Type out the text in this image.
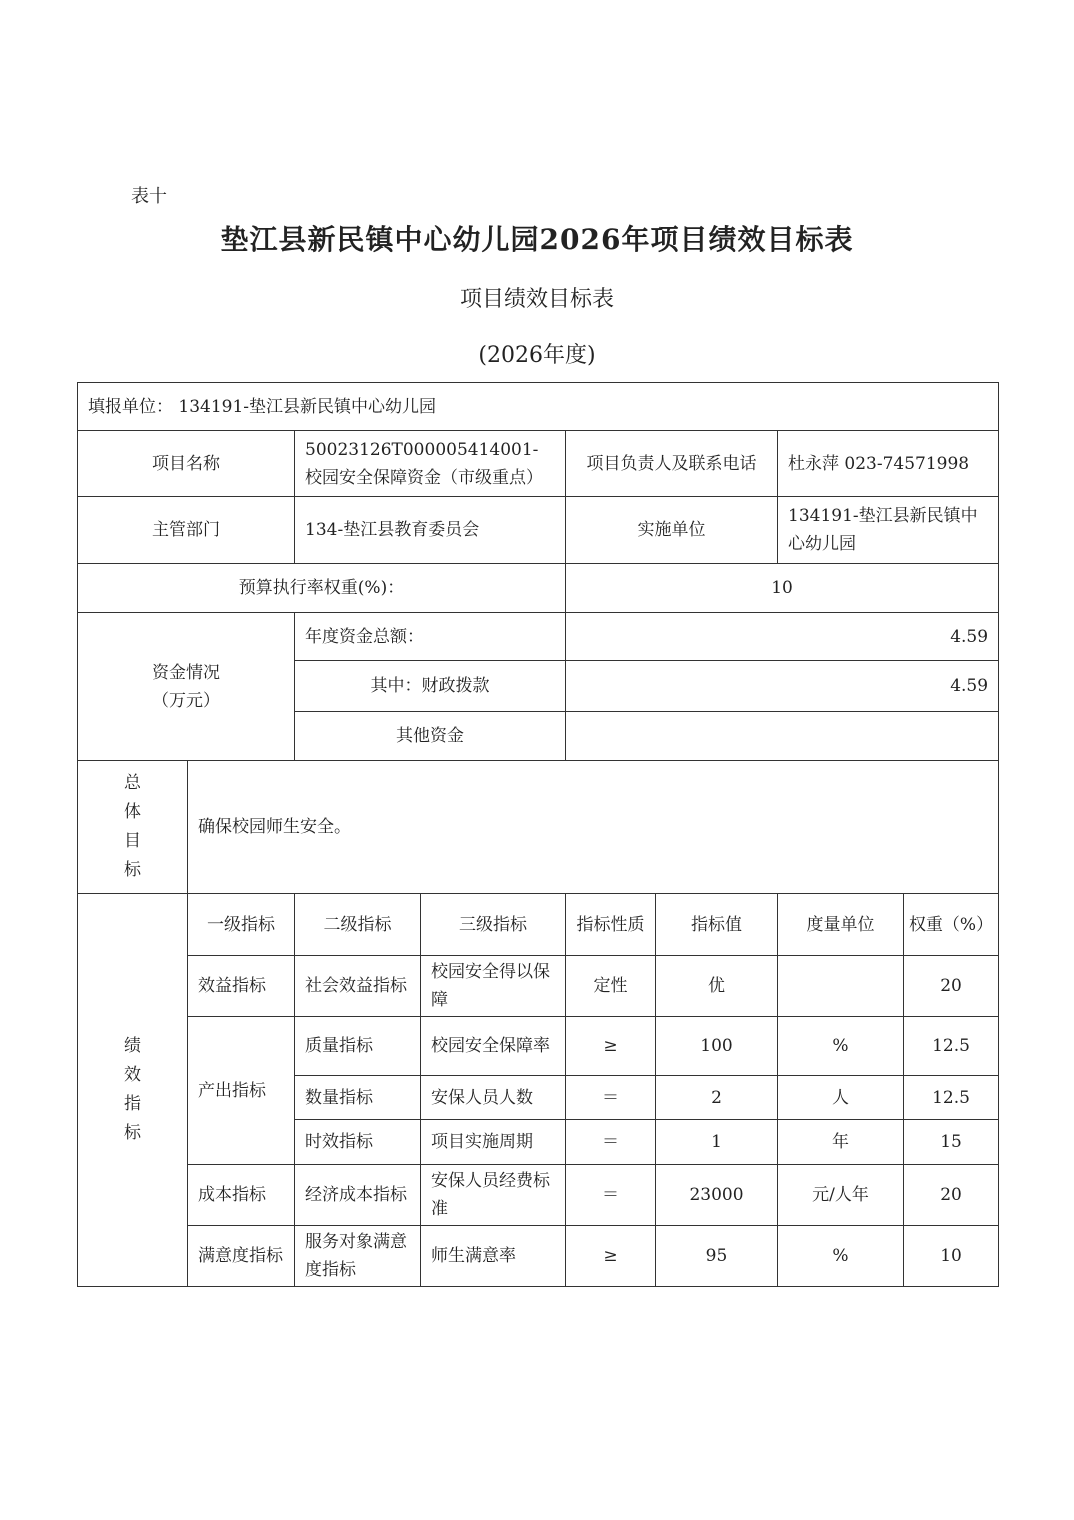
表十
垫江县新民镇中心幼儿园2026年项目绩效目标表
项目绩效目标表
(2026年度)
填报单位： 134191-垫江县新民镇中心幼儿园							
项目名称		50023126T000005414001-校园安全保障资金（市级重点）		项目负责人及联系电话		杜永萍 023-74571998	
主管部门		134-垫江县教育委员会		实施单位		134191-垫江县新民镇中心幼儿园	
预算执行率权重(%)：				10			

资金情况
（万元）		年度资金总额：		4.59			
		其中：财政拨款		4.59			
		其他资金					

总
体
目
标	确保校园师生安全。						

绩
效
指
标	一级指标	二级指标	三级指标	指标性质	指标值	度量单位	权重（%）
	效益指标	社会效益指标	校园安全得以保障	定性	优		20
	产出指标	质量指标	校园安全保障率	≥	100	%	12.5
		数量指标	安保人员人数	＝	2	人	12.5
		时效指标	项目实施周期	＝	1	年	15
	成本指标	经济成本指标	安保人员经费标准	＝	23000	元/人年	20
	满意度指标	服务对象满意度指标	师生满意率	≥	95	%	10
